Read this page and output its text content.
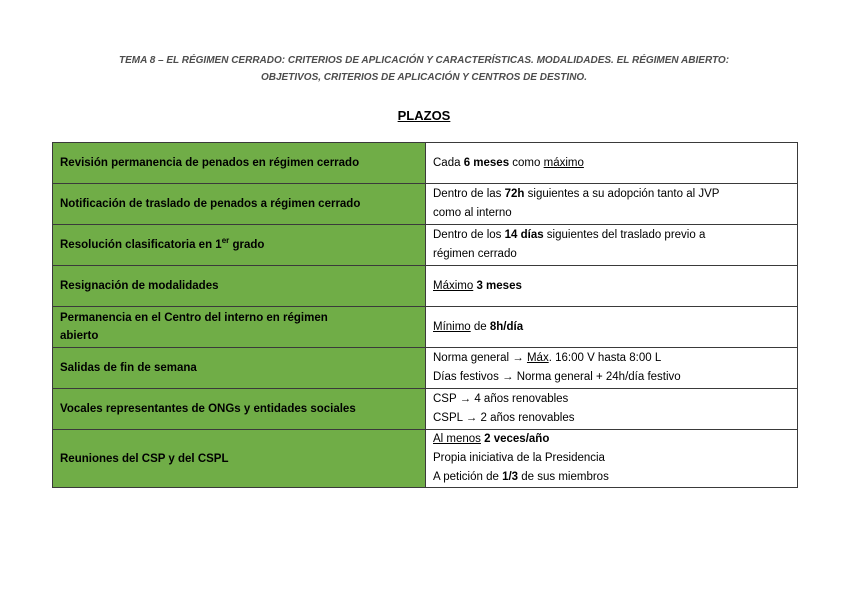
TEMA 8 – EL RÉGIMEN CERRADO: CRITERIOS DE APLICACIÓN Y CARACTERÍSTICAS. MODALIDADES. EL RÉGIMEN ABIERTO:
OBJETIVOS, CRITERIOS DE APLICACIÓN Y CENTROS DE DESTINO.
PLAZOS
Revisión permanencia de penados en régimen cerrado	Cada 6 meses como máximo
Notificación de traslado de penados a régimen cerrado	Dentro de las 72h siguientes a su adopción tanto al JVP
como al interno

Resolución clasificatoria en 1er grado	Dentro de los 14 días siguientes del traslado previo a
régimen cerrado

Resignación de modalidades	Máximo 3 meses

Permanencia en el Centro del interno en régimen
abierto	Mínimo de 8h/día
Salidas de fin de semana	Norma general → Máx. 16:00 V hasta 8:00 L
Días festivos → Norma general + 24h/día festivo

Vocales representantes de ONGs y entidades sociales	CSP → 4 años renovables
CSPL → 2 años renovables

Reuniones del CSP y del CSPL	Al menos 2 veces/año
Propia iniciativa de la Presidencia
A petición de 1/3 de sus miembros
